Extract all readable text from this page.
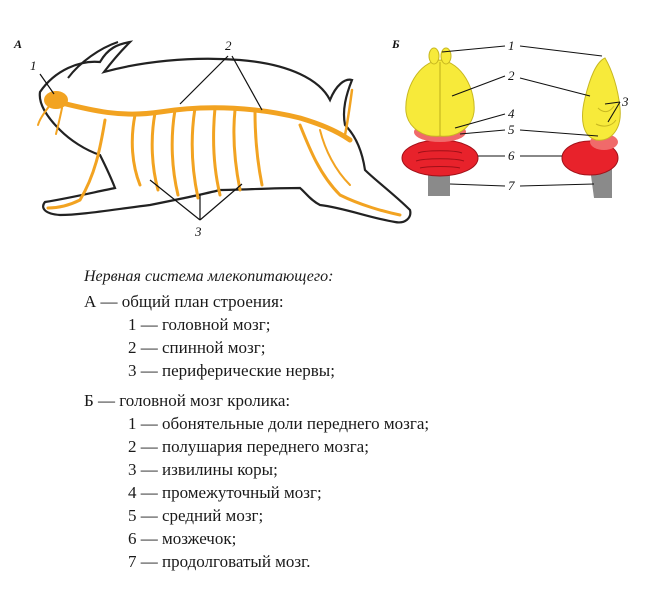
А
1
2
3
Б	1
2
3
4
5
6
7

Нервная система млекопитающего:

А — общий план строения:

1 — головной мозг;

2 — спинной мозг;

3 — периферические нервы;

Б — головной мозг кролика:

1 — обонятельные доли переднего мозга;

2 — полушария переднего мозга;

3 — извилины коры;

4 — промежуточный мозг;

5 — средний мозг;

6 — мозжечок;

7 — продолговатый мозг.
